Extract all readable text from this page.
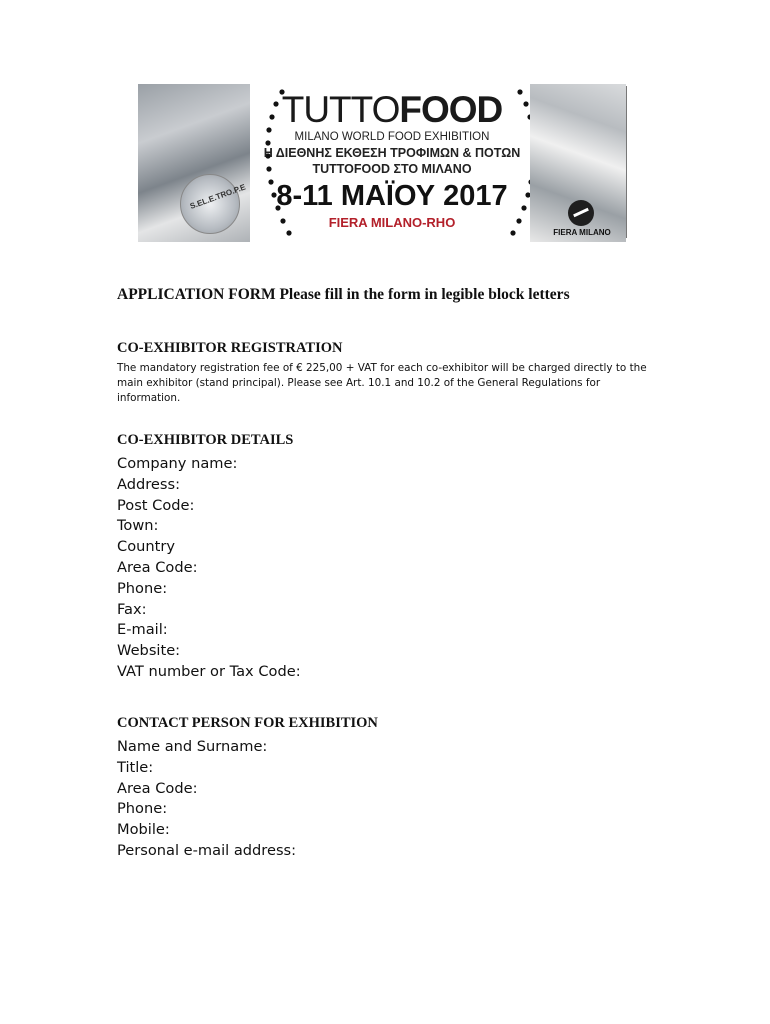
S.EL.E.TRO.P.E
TUTTOFOOD
MILANO WORLD FOOD EXHIBITION
Η ΔΙΕΘΝΗΣ ΕΚΘΕΣΗ ΤΡΟΦΙΜΩΝ & ΠΟΤΩΝ
TUTTOFOOD ΣΤΟ ΜΙΛΑΝΟ
8-11 ΜΑΪΟΥ 2017
FIERA MILANO-RHO
FIERA MILANO
APPLICATION FORM Please fill in the form in legible block letters
CO-EXHIBITOR REGISTRATION
The mandatory registration fee of € 225,00 + VAT for each co-exhibitor will be charged directly to the main exhibitor (stand principal). Please see Art. 10.1 and 10.2 of the General Regulations for information.
CO-EXHIBITOR DETAILS
Company name:
Address:
Post Code:
Town:
Country
Area Code:
Phone:
Fax:
E-mail:
Website:
VAT number or Tax Code:
CONTACT PERSON FOR EXHIBITION
Name and Surname:
Title:
Area Code:
Phone:
Mobile:
Personal e-mail address:
